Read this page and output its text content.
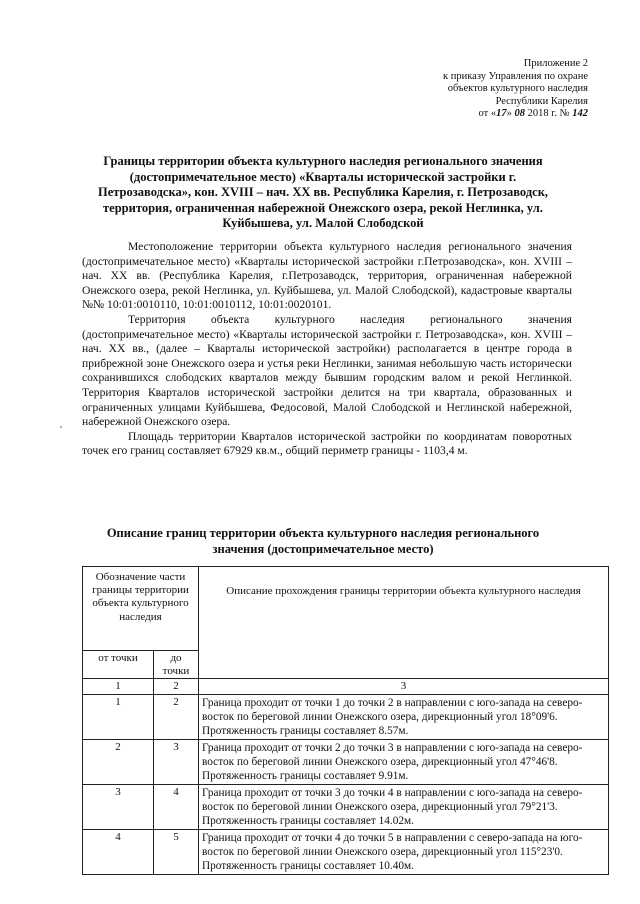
Приложение 2
к приказу Управления по охране
объектов культурного наследия
Республики Карелия
от «17» 08 2018 г. № 142
Границы территории объекта культурного наследия регионального значения (достопримечательное место) «Кварталы исторической застройки г. Петрозаводска», кон. XVIII – нач. XX вв. Республика Карелия, г. Петрозаводск, территория, ограниченная набережной Онежского озера, рекой Неглинка, ул. Куйбышева, ул. Малой Слободской

Местоположение территории объекта культурного наследия регионального значения (достопримечательное место) «Кварталы исторической застройки г.Петрозаводска», кон. XVIII – нач. XX вв. (Республика Карелия, г.Петрозаводск, территория, ограниченная набережной Онежского озера, рекой Неглинка, ул. Куйбышева, ул. Малой Слободской), кадастровые кварталы №№ 10:01:0010110, 10:01:0010112, 10:01:0020101.

Территория объекта культурного наследия регионального значения (достопримечательное место) «Кварталы исторической застройки г. Петрозаводска», кон. XVIII – нач. XX вв., (далее – Кварталы исторической застройки) располагается в центре города в прибрежной зоне Онежского озера и устья реки Неглинки, занимая небольшую часть исторически сохранившихся слободских кварталов между бывшим городским валом и рекой Неглинкой. Территория Кварталов исторической застройки делится на три квартала, образованных и ограниченных улицами Куйбышева, Федосовой, Малой Слободской и Неглинской набережной, набережной Онежского озера.

Площадь территории Кварталов исторической застройки по координатам поворотных точек его границ составляет 67929 кв.м., общий периметр границы - 1103,4 м.

Описание границ территории объекта культурного наследия регионального значения (достопримечательное место)
Обозначение части границы территории объекта культурного наследия		Описание прохождения границы территории объекта культурного наследия
от точки	до точки	
1	2	3
1	2	Граница проходит от точки 1 до точки 2 в направлении с юго-запада на северо-восток по береговой линии Онежского озера, дирекционный угол 18°09'6. Протяженность границы составляет 8.57м.
2	3	Граница проходит от точки 2 до точки 3 в направлении с юго-запада на северо-восток по береговой линии Онежского озера, дирекционный угол 47°46'8. Протяженность границы составляет 9.91м.
3	4	Граница проходит от точки 3 до точки 4 в направлении с юго-запада на северо-восток по береговой линии Онежского озера, дирекционный угол 79°21'3. Протяженность границы составляет 14.02м.
4	5	Граница проходит от точки 4 до точки 5 в направлении с северо-запада на юго-восток по береговой линии Онежского озера, дирекционный угол 115°23'0. Протяженность границы составляет 10.40м.
